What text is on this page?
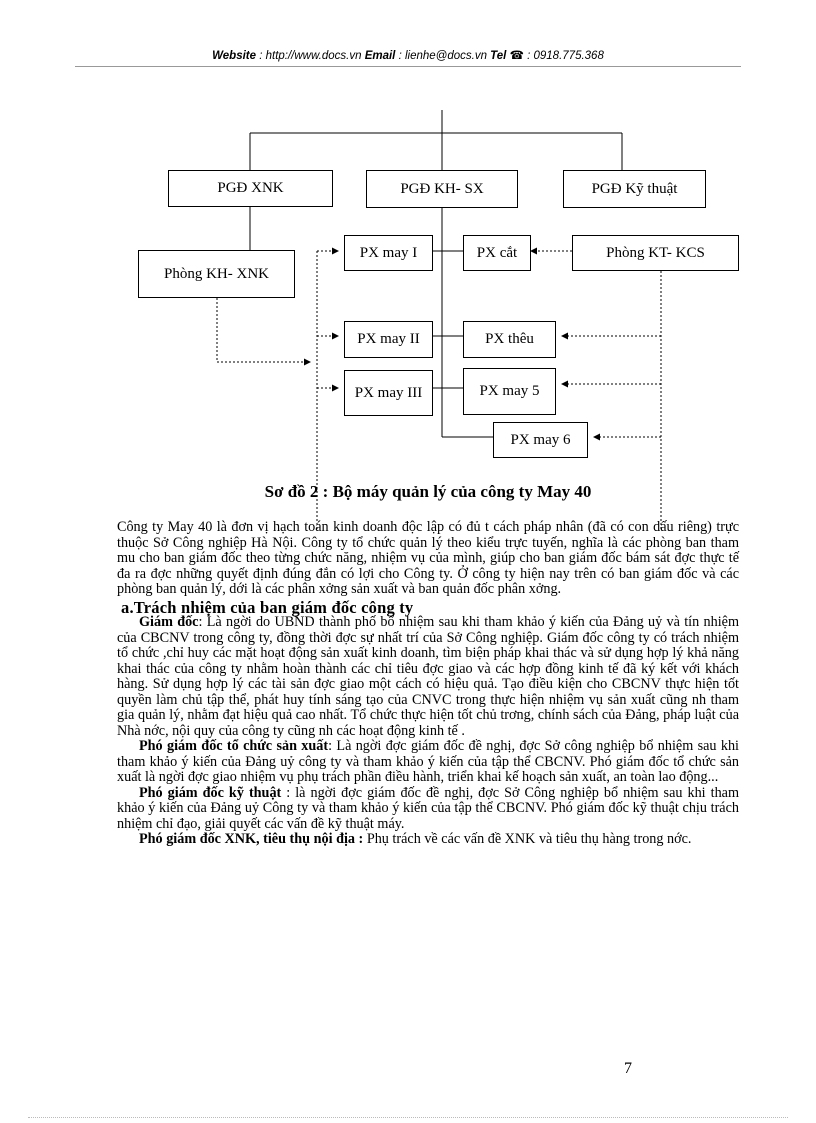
Website : http://www.docs.vn Email : lienhe@docs.vn Tel ☎ : 0918.775.368
PGĐ XNK	PGĐ KH- SX	PGĐ Kỹ thuật
Phòng KH- XNK
PX may I	PX cắt	Phòng KT- KCS
PX may II	PX thêu
PX may III	PX may 5
PX may 6
Sơ đồ 2 : Bộ máy quản lý của công ty May 40

Công ty May 40 là đơn vị hạch toán kinh doanh độc lập có đủ t cách pháp nhân (đã có con dấu riêng) trực thuộc Sở Công nghiệp Hà Nội. Công ty tổ chức quản lý theo kiểu trực tuyến, nghĩa là các phòng ban tham mu cho ban giám đốc theo từng chức năng, nhiệm vụ của mình, giúp cho ban giám đốc bám sát đợc thực tế đa ra đợc những quyết định đúng đắn có lợi cho Công ty. Ở công ty hiện nay trên có ban giám đốc và các phòng ban quản lý, dới là các phân xởng sản xuất và ban quản đốc phân xởng.

a.Trách nhiệm của ban giám đốc công ty

Giám đốc: Là ngời do UBND thành phố bổ nhiệm sau khi tham khảo ý kiến của Đảng uỷ và tín nhiệm của CBCNV trong công ty, đồng thời đợc sự nhất trí của Sở Công nghiệp. Giám đốc công ty có trách nhiệm tổ chức ,chỉ huy các mặt hoạt động sản xuất kinh doanh, tìm biện pháp khai thác và sử dụng hợp lý khả năng khai thác của công ty nhằm hoàn thành các chỉ tiêu đợc giao và các hợp đồng kinh tế đã ký kết với khách hàng. Sử dụng hợp lý các tài sản đợc giao một cách có hiệu quả. Tạo điều kiện cho CBCNV thực hiện tốt quyền làm chủ tập thể, phát huy tính sáng tạo của CNVC trong thực hiện nhiệm vụ sản xuất cũng nh tham gia quản lý, nhằm đạt hiệu quả cao nhất. Tổ chức thực hiện tốt chủ trơng, chính sách của Đảng, pháp luật của Nhà nớc, nội quy của công ty cũng nh các hoạt động kinh tế .

Phó giám đốc tổ chức sản xuất: Là ngời đợc giám đốc đề nghị, đợc Sở công nghiệp bổ nhiệm sau khi tham khảo ý kiến của Đảng uỷ công ty và tham khảo ý kiến của tập thể CBCNV. Phó giám đốc tổ chức sản xuất là ngời đợc giao nhiệm vụ phụ trách phần điều hành, triển khai kế hoạch sản xuất, an toàn lao động...

Phó giám đốc kỹ thuật : là ngời đợc giám đốc đề nghị, đợc Sở Công nghiệp bổ nhiệm sau khi tham khảo ý kiến của Đảng uỷ Công ty và tham khảo ý kiến của tập thể CBCNV. Phó giám đốc kỹ thuật chịu trách nhiệm chỉ đạo, giải quyết các vấn đề kỹ thuật máy.

Phó giám đốc XNK, tiêu thụ nội địa : Phụ trách về các vấn đề XNK và tiêu thụ hàng trong nớc.

7
